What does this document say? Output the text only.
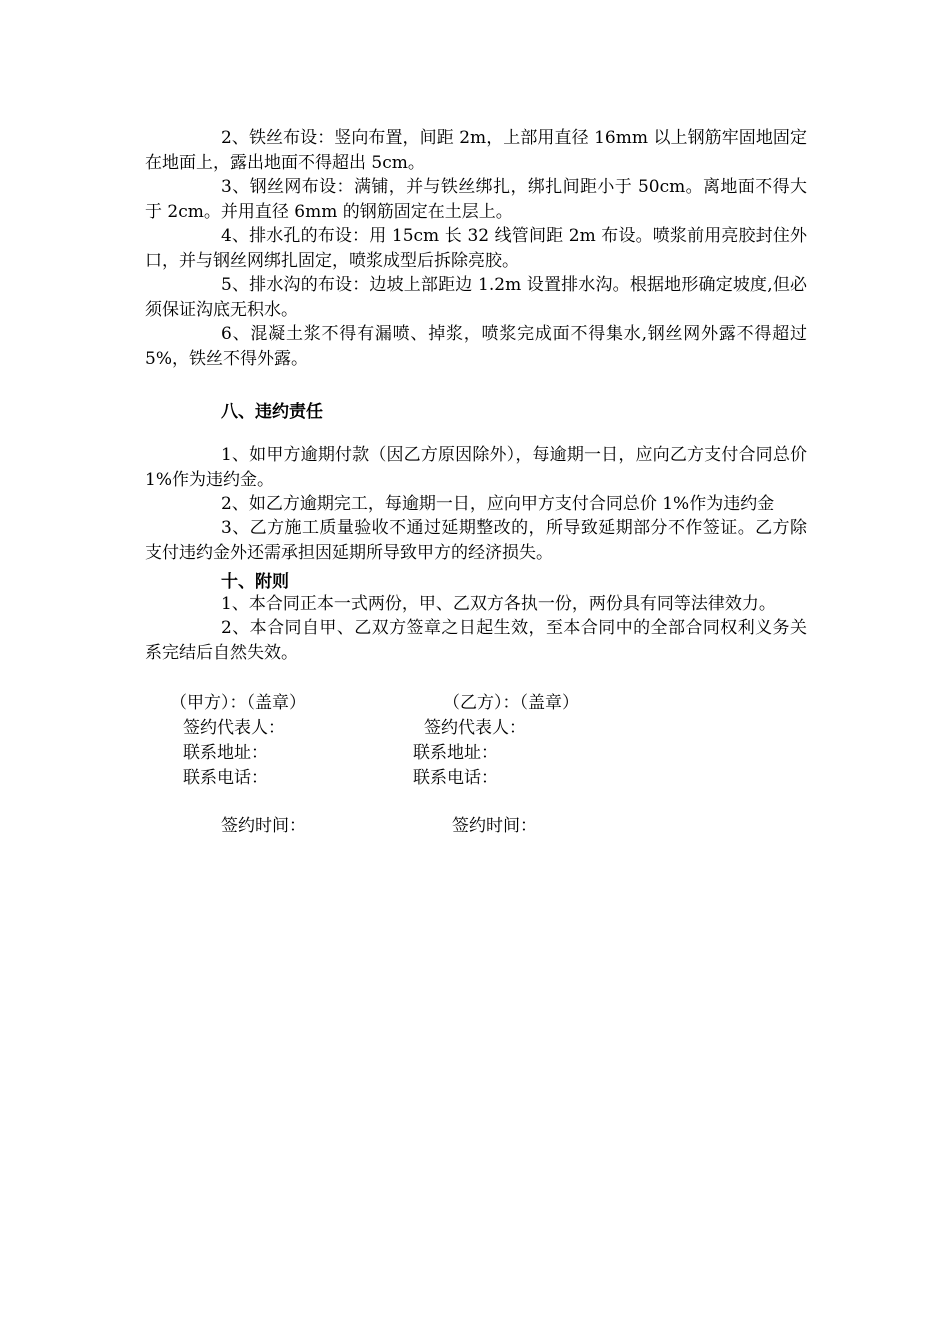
2、铁丝布设：竖向布置，间距 2m，上部用直径 16mm 以上钢筋牢固地固定在地面上，露出地面不得超出 5cm。

3、钢丝网布设：满铺，并与铁丝绑扎，绑扎间距小于 50cm。离地面不得大于 2cm。并用直径 6mm 的钢筋固定在土层上。

4、排水孔的布设：用 15cm 长 32 线管间距 2m 布设。喷浆前用亮胶封住外口，并与钢丝网绑扎固定，喷浆成型后拆除亮胶。

5、排水沟的布设：边坡上部距边 1.2m 设置排水沟。根据地形确定坡度,但必须保证沟底无积水。

6、混凝土浆不得有漏喷、掉浆，喷浆完成面不得集水,钢丝网外露不得超过 5%，铁丝不得外露。

八、违约责任

1、如甲方逾期付款（因乙方原因除外），每逾期一日，应向乙方支付合同总价 1%作为违约金。

2、如乙方逾期完工，每逾期一日，应向甲方支付合同总价 1%作为违约金

3、乙方施工质量验收不通过延期整改的，所导致延期部分不作签证。乙方除支付违约金外还需承担因延期所导致甲方的经济损失。

十、附则

1、本合同正本一式两份，甲、乙双方各执一份，两份具有同等法律效力。

2、本合同自甲、乙双方签章之日起生效，至本合同中的全部合同权利义务关系完结后自然失效。

（甲方）：（盖章）

签约代表人：

联系地址：

联系电话：

签约时间：

（乙方）：（盖章）

签约代表人：

联系地址：

联系电话：

签约时间：
